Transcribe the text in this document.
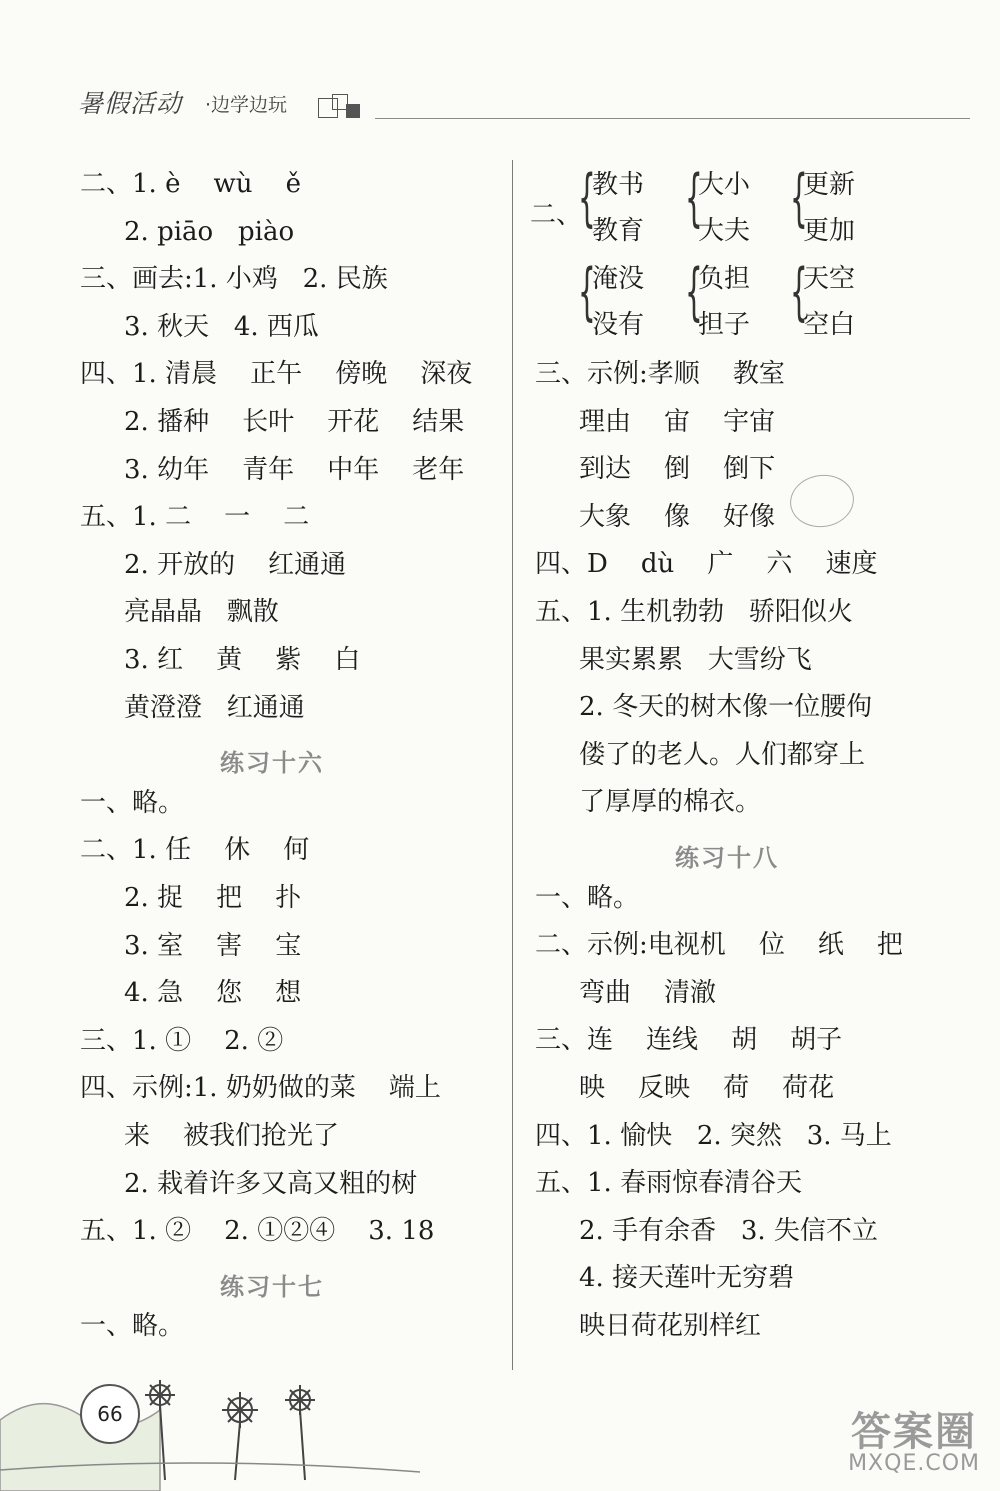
暑假活动 ·边学边玩
二、1. è    wù    ě
2. piāo   piào
三、画去:1. 小鸡   2. 民族
3. 秋天   4. 西瓜
四、1. 清晨    正午    傍晚    深夜
2. 播种    长叶    开花    结果
3. 幼年    青年    中年    老年
五、1. 二    一    二
2. 开放的    红通通
亮晶晶   飘散
3. 红    黄    紫    白
黄澄澄   红通通
练习十六
一、略。
二、1. 任    休    何
2. 捉    把    扑
3. 室    害    宝
4. 急    您    想
三、1. ①    2. ②
四、示例:1. 奶奶做的菜    端上
来    被我们抢光了
2. 栽着许多又高又粗的树
五、1. ②    2. ①②④    3. 18
练习十七
一、略。
二、
{
教书
教育 {
大小
大夫 {
更新
更加
{
淹没
没有 {
负担
担子 {
天空
空白
三、示例:孝顺    教室
理由    宙    宇宙
到达    倒    倒下
大象    像    好像
四、D    dù    广    六    速度
五、1. 生机勃勃   骄阳似火
果实累累   大雪纷飞
2. 冬天的树木像一位腰佝
偻了的老人。人们都穿上
了厚厚的棉衣。
练习十八
一、略。
二、示例:电视机    位    纸    把
弯曲    清澈
三、连    连线    胡    胡子
映    反映    荷    荷花
四、1. 愉快   2. 突然   3. 马上
五、1. 春雨惊春清谷天
2. 手有余香   3. 失信不立
4. 接天莲叶无穷碧
映日荷花别样红
66	答案圈
MXQE.COM
